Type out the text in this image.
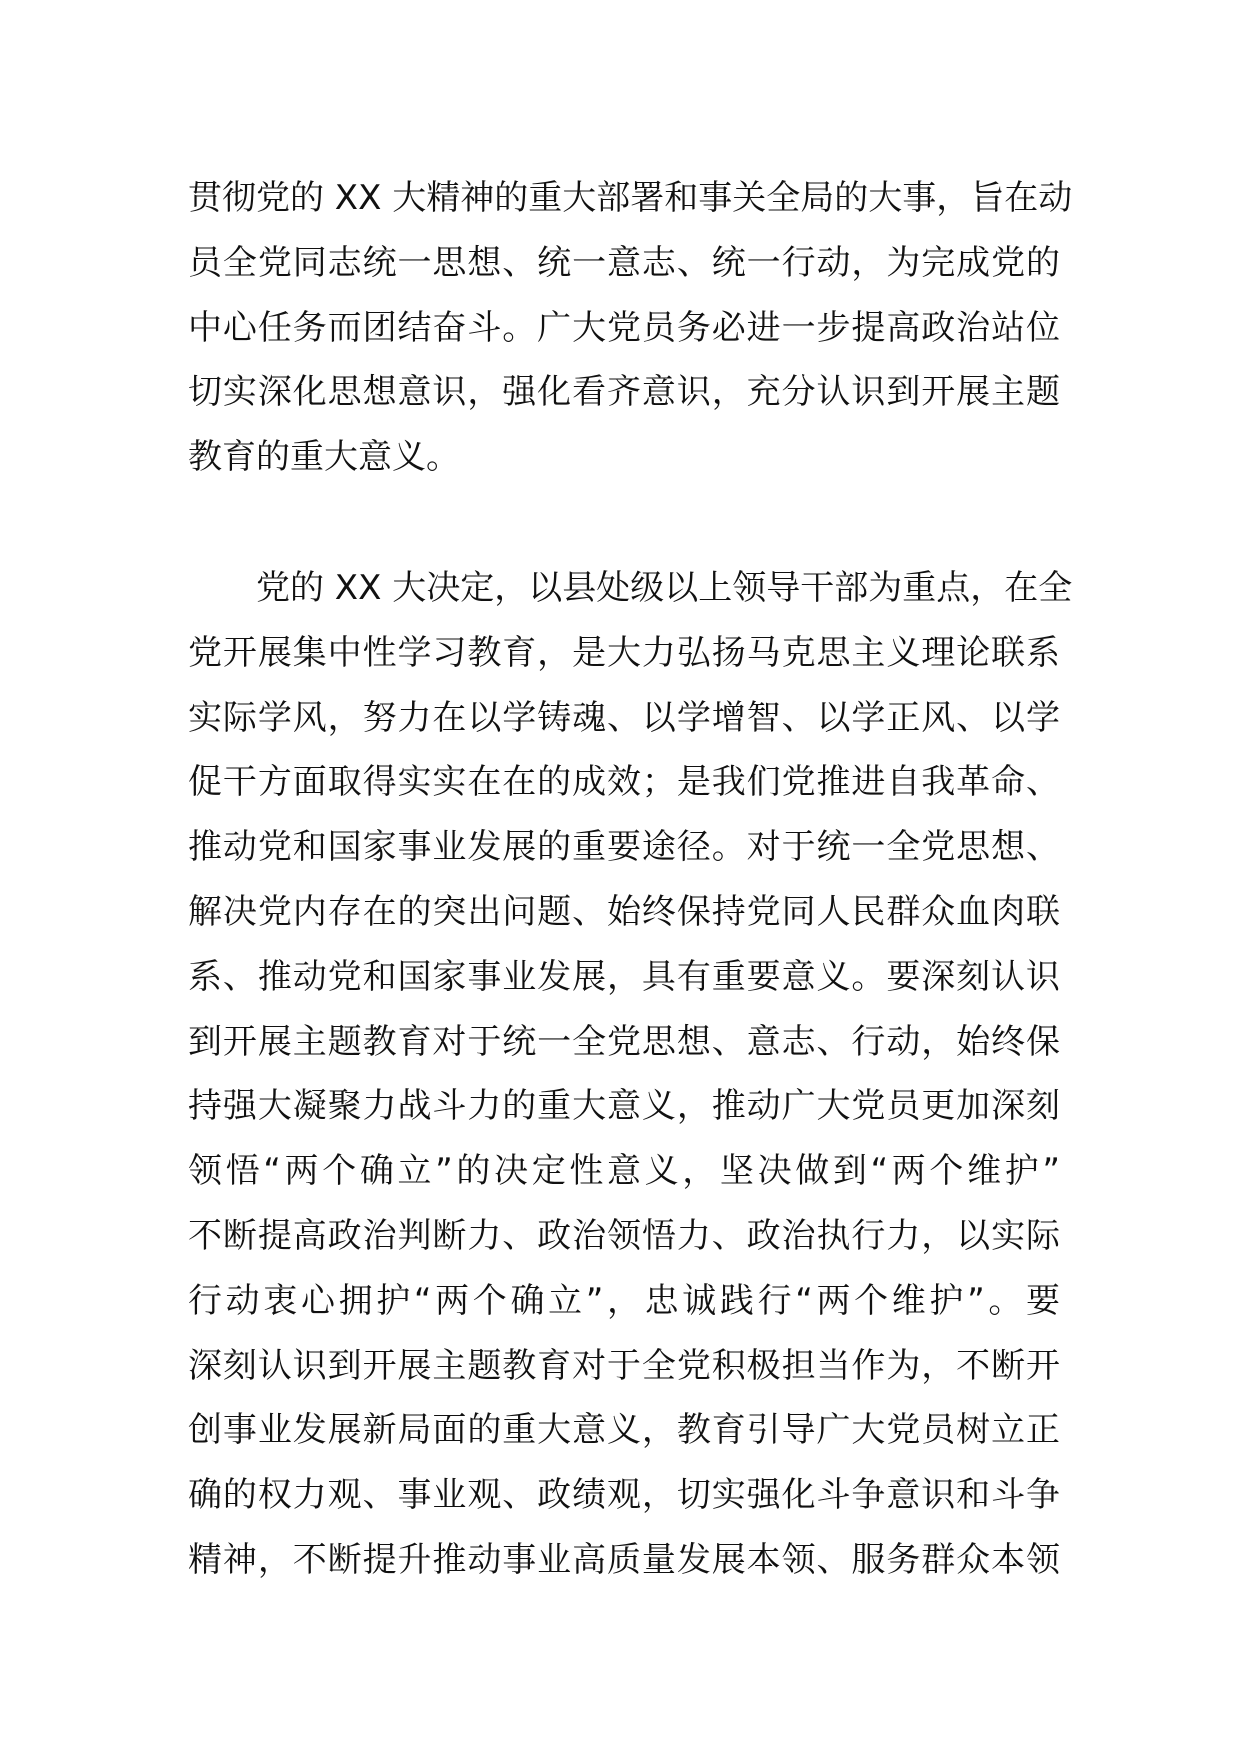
贯彻党的 XX 大精神的重大部署和事关全局的大事，旨在动
员全党同志统一思想、统一意志、统一行动，为完成党的
中心任务而团结奋斗。广大党员务必进一步提高政治站位
切实深化思想意识，强化看齐意识，充分认识到开展主题
教育的重大意义。

党的 XX 大决定，以县处级以上领导干部为重点，在全
党开展集中性学习教育，是大力弘扬马克思主义理论联系
实际学风，努力在以学铸魂、以学增智、以学正风、以学
促干方面取得实实在在的成效；是我们党推进自我革命、
推动党和国家事业发展的重要途径。对于统一全党思想、
解决党内存在的突出问题、始终保持党同人民群众血肉联
系、推动党和国家事业发展，具有重要意义。要深刻认识
到开展主题教育对于统一全党思想、意志、行动，始终保
持强大凝聚力战斗力的重大意义，推动广大党员更加深刻
领悟“两个确立”的决定性意义，坚决做到“两个维护”
不断提高政治判断力、政治领悟力、政治执行力，以实际
行动衷心拥护“两个确立”，忠诚践行“两个维护”。要
深刻认识到开展主题教育对于全党积极担当作为，不断开
创事业发展新局面的重大意义，教育引导广大党员树立正
确的权力观、事业观、政绩观，切实强化斗争意识和斗争
精神，不断提升推动事业高质量发展本领、服务群众本领
